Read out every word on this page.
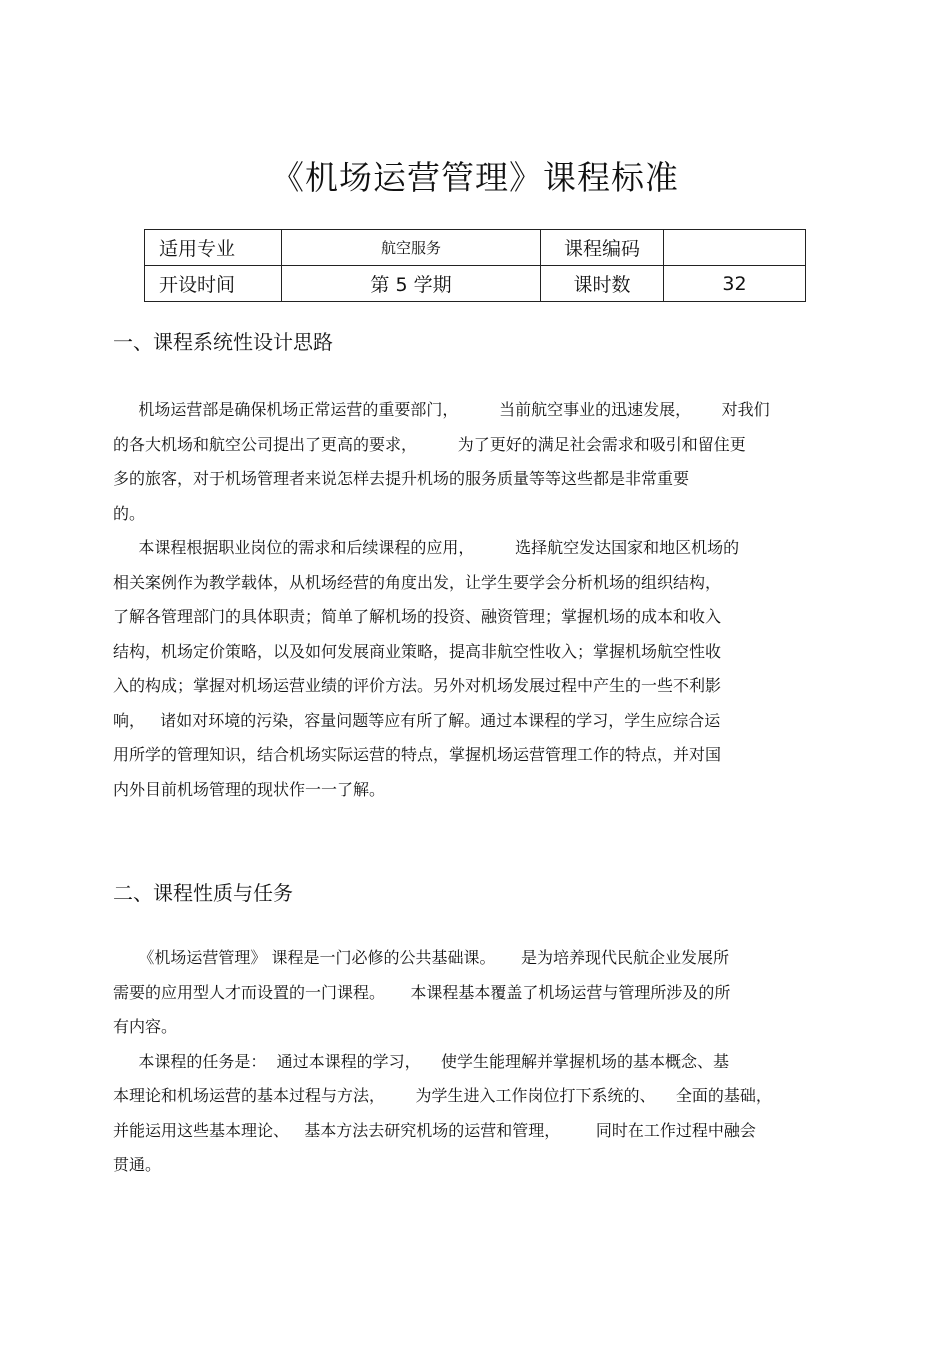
《机场运营管理》课程标准
适用专业	航空服务	课程编码	
开设时间	第 5 学期	课时数	32
一、课程系统性设计思路
机场运营部是确保机场正常运营的重要部门，        当前航空事业的迅速发展，      对我们
的各大机场和航空公司提出了更高的要求，        为了更好的满足社会需求和吸引和留住更
多的旅客，对于机场管理者来说怎样去提升机场的服务质量等等这些都是非常重要
的。
本课程根据职业岗位的需求和后续课程的应用，        选择航空发达国家和地区机场的
相关案例作为教学载体，从机场经营的角度出发，让学生要学会分析机场的组织结构，
了解各管理部门的具体职责；简单了解机场的投资、融资管理；掌握机场的成本和收入
结构，机场定价策略，以及如何发展商业策略，提高非航空性收入；掌握机场航空性收
入的构成；掌握对机场运营业绩的评价方法。另外对机场发展过程中产生的一些不利影
响，   诸如对环境的污染，容量问题等应有所了解。通过本课程的学习，学生应综合运
用所学的管理知识，结合机场实际运营的特点，掌握机场运营管理工作的特点，并对国
内外目前机场管理的现状作一一了解。
二、课程性质与任务
《机场运营管理》 课程是一门必修的公共基础课。     是为培养现代民航企业发展所
需要的应用型人才而设置的一门课程。     本课程基本覆盖了机场运营与管理所涉及的所
有内容。
本课程的任务是：  通过本课程的学习，    使学生能理解并掌握机场的基本概念、基
本理论和机场运营的基本过程与方法，      为学生进入工作岗位打下系统的、    全面的基础，
并能运用这些基本理论、   基本方法去研究机场的运营和管理，       同时在工作过程中融会
贯通。
